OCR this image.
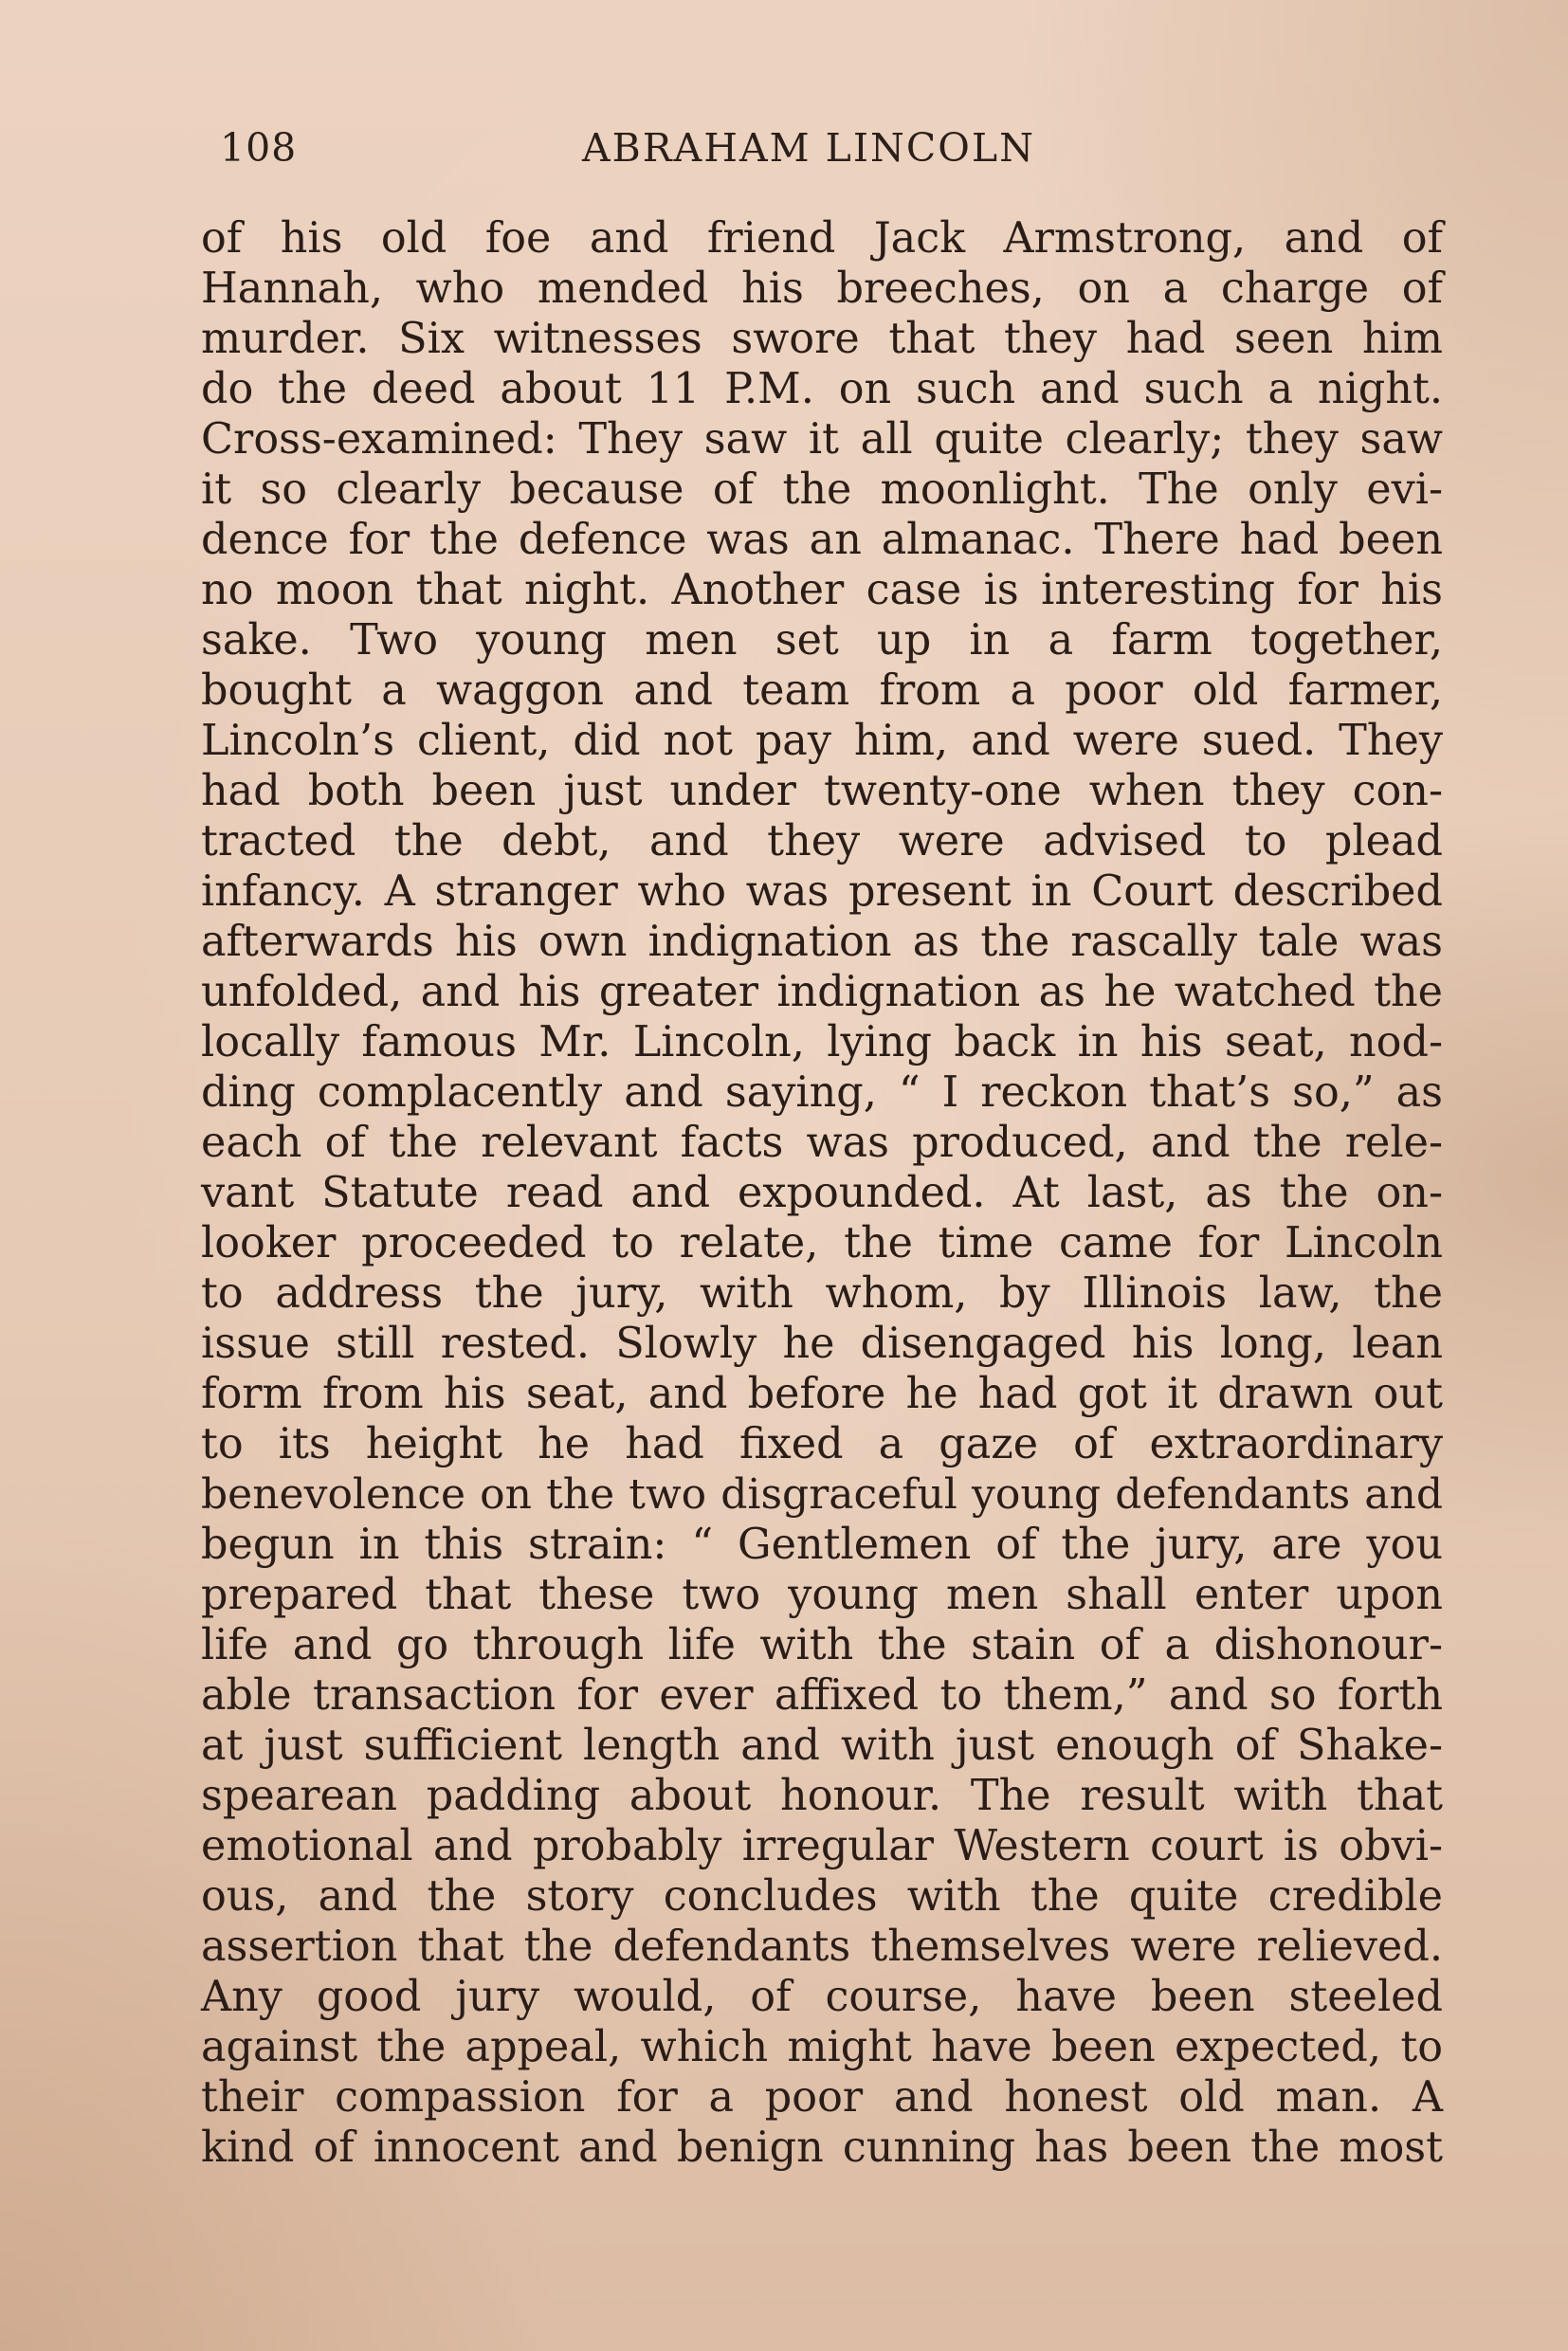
108	ABRAHAM LINCOLN
of his old foe and friend Jack Armstrong, and of
Hannah, who mended his breeches, on a charge of
murder. Six witnesses swore that they had seen him
do the deed about 11 P.M. on such and such a night.
Cross-examined: They saw it all quite clearly; they saw
it so clearly because of the moonlight. The only evi-
dence for the defence was an almanac. There had been
no moon that night. Another case is interesting for his
sake. Two young men set up in a farm together,
bought a waggon and team from a poor old farmer,
Lincoln’s client, did not pay him, and were sued. They
had both been just under twenty-one when they con-
tracted the debt, and they were advised to plead
infancy. A stranger who was present in Court described
afterwards his own indignation as the rascally tale was
unfolded, and his greater indignation as he watched the
locally famous Mr. Lincoln, lying back in his seat, nod-
ding complacently and saying, “ I reckon that’s so,” as
each of the relevant facts was produced, and the rele-
vant Statute read and expounded. At last, as the on-
looker proceeded to relate, the time came for Lincoln
to address the jury, with whom, by Illinois law, the
issue still rested. Slowly he disengaged his long, lean
form from his seat, and before he had got it drawn out
to its height he had fixed a gaze of extraordinary
benevolence on the two disgraceful young defendants and
begun in this strain: “ Gentlemen of the jury, are you
prepared that these two young men shall enter upon
life and go through life with the stain of a dishonour-
able transaction for ever affixed to them,” and so forth
at just sufficient length and with just enough of Shake-
spearean padding about honour. The result with that
emotional and probably irregular Western court is obvi-
ous, and the story concludes with the quite credible
assertion that the defendants themselves were relieved.
Any good jury would, of course, have been steeled
against the appeal, which might have been expected, to
their compassion for a poor and honest old man. A
kind of innocent and benign cunning has been the most
